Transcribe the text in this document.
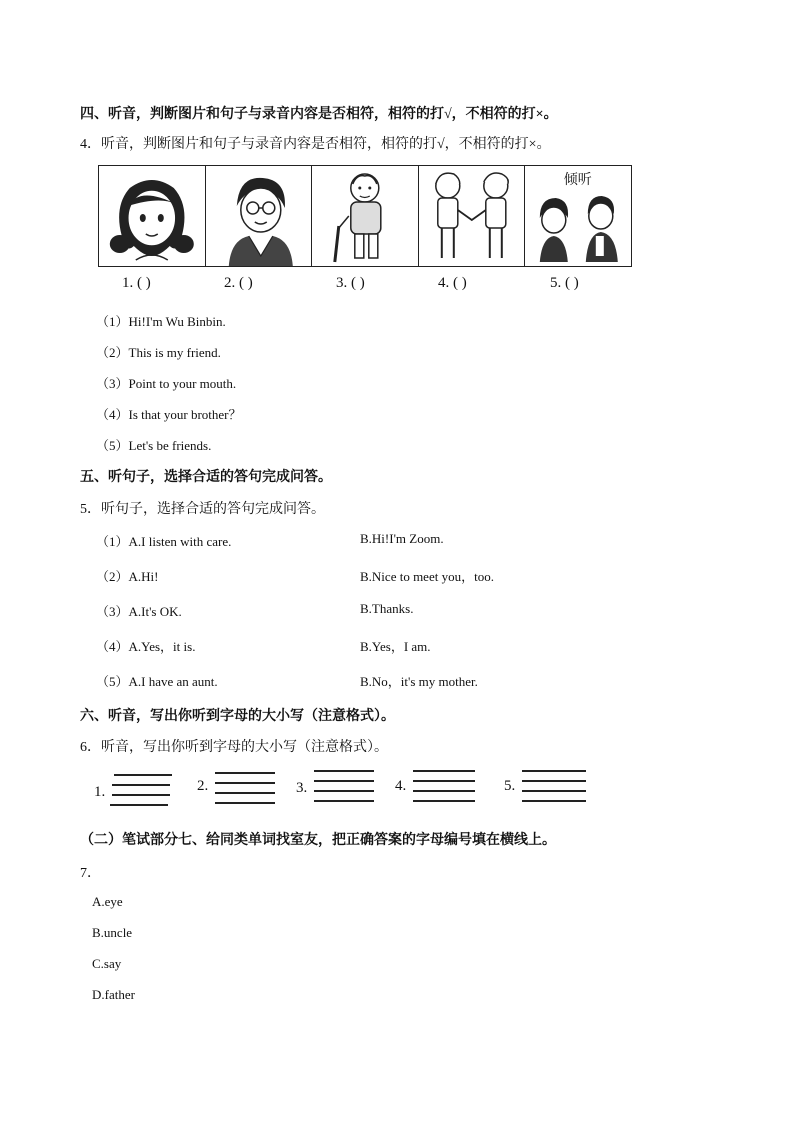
四、听音，判断图片和句子与录音内容是否相符，相符的打√，不相符的打×。
4．听音，判断图片和句子与录音内容是否相符，相符的打√，不相符的打×。
倾听
1. ( )	2. ( )	3. ( )	4. ( )	5. ( )
（1）Hi!I'm Wu Binbin.
（2）This is my friend.
（3）Point to your mouth.
（4）Is that your brother？
（5）Let's be friends.
五、听句子，选择合适的答句完成问答。
5．听句子，选择合适的答句完成问答。
（1）A.I listen with care.	B.Hi!I'm Zoom.
（2）A.Hi!	B.Nice to meet you，too.
（3）A.It's OK.	B.Thanks.
（4）A.Yes，it is.	B.Yes，I am.
（5）A.I have an aunt.	B.No，it's my mother.
六、听音，写出你听到字母的大小写（注意格式）。
6．听音，写出你听到字母的大小写（注意格式）。
1.	2.	3.	4.	5.
（二）笔试部分七、给同类单词找室友，把正确答案的字母编号填在横线上。
7．
A.eye
B.uncle
C.say
D.father
